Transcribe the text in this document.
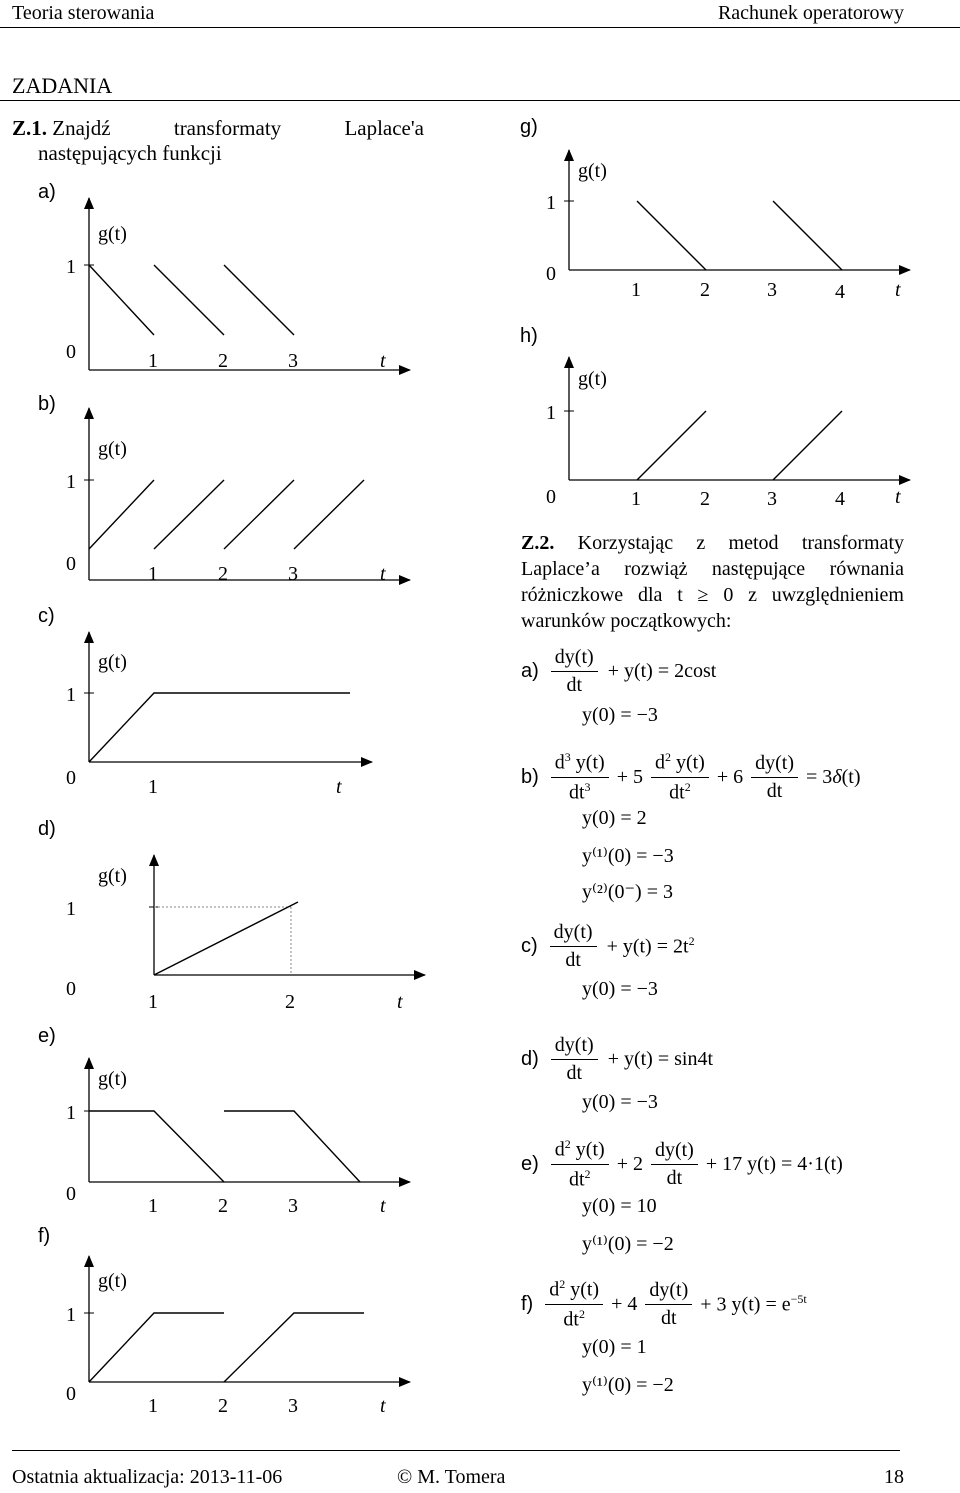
Teoria sterowania	Rachunek operatorowy
ZADANIA
Z.1. Znajdź	transformaty	Laplace'a
następujących funkcji
a)
g(t)
1
0	1	2	3	t
b)
g(t)
1
0	1	2	3	t
c)
g(t)
1
0	1	t
d)
g(t)
1
0
1	2	t
e)
g(t)
1
0
1	2	3	t
f)
g(t)
1
0
1	2	3	t
g)
g(t)
1
0
1	2	3	4	t
h)
g(t)
1
0	1	2	3	4	t
Z.2. Korzystając z metod transformaty
Laplace’a rozwiąż następujące równania
różniczkowe dla t ≥ 0 z uwzględnieniem
warunków początkowych:
$a) \frac{dy(t)}{dt} + y(t) = 2\cos t$
y(0) = −3
$b) \frac{d^3 y(t)}{dt^3} + 5 \frac{d^2 y(t)}{dt^2} + 6 \frac{dy(t)}{dt} = 3\delta(t)$
y(0) = 2
y⁽¹⁾(0) = −3
y⁽²⁾(0⁻) = 3
$c) \frac{dy(t)}{dt} + y(t) = 2t^2$
y(0) = −3
$d) \frac{dy(t)}{dt} + y(t) = \sin 4t$
y(0) = −3
$e) \frac{d^2 y(t)}{dt^2} + 2 \frac{dy(t)}{dt} + 17$ y(t) = 4·1(t)
y(0) = 10
y⁽¹⁾(0) = −2
$f) \frac{d^2 y(t)}{dt^2} + 4 \frac{dy(t)}{dt} + 3$ $y(t) = e^{-5t}$
y(0) = 1
y⁽¹⁾(0) = −2
Ostatnia aktualizacja: 2013-11-06	© M. Tomera	18
